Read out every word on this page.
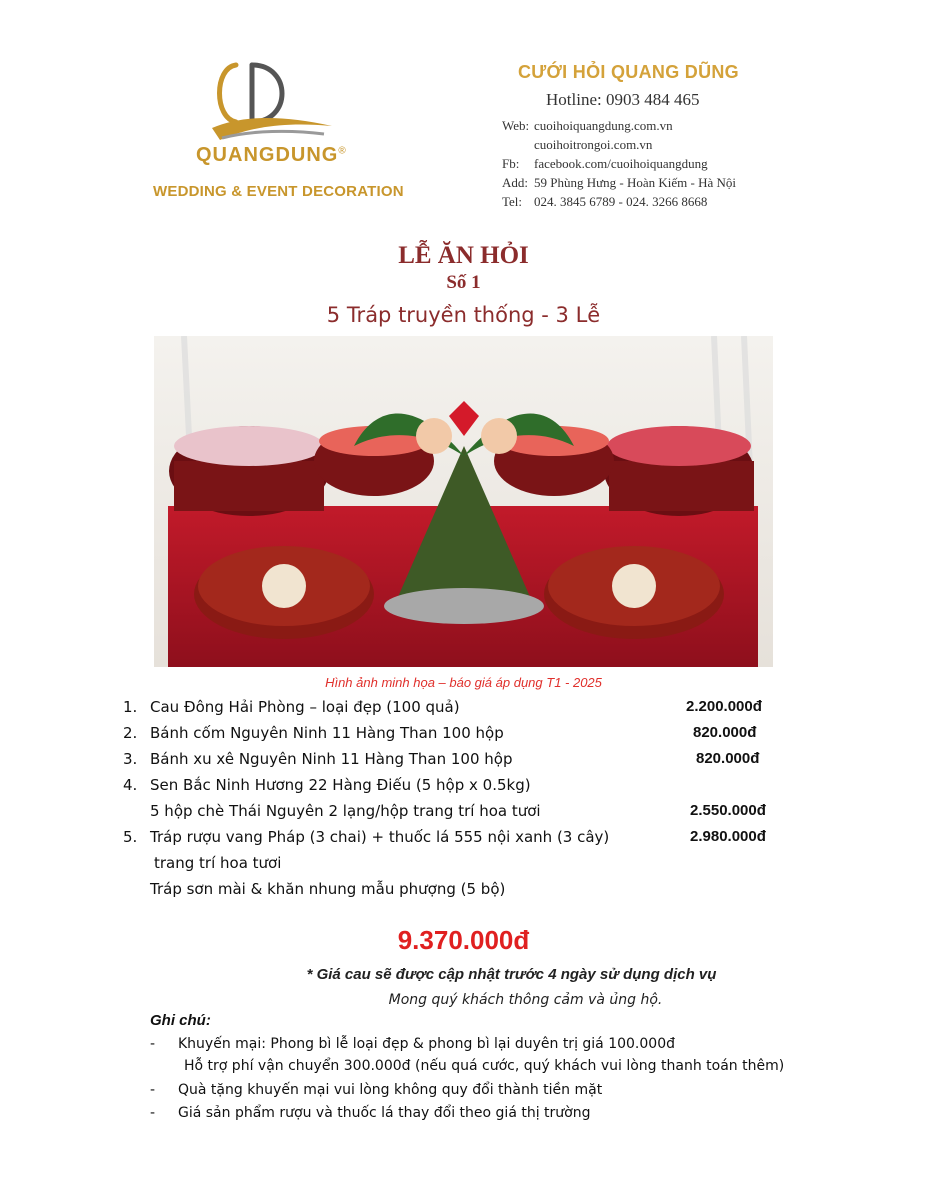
QUANGDUNG®
WEDDING & EVENT DECORATION
CƯỚI HỎI QUANG DŨNG
Hotline: 0903 484 465
Web: cuoihoiquangdung.com.vn
cuoihoitrongoi.com.vn
Fb: facebook.com/cuoihoiquangdung
Add: 59 Phùng Hưng - Hoàn Kiếm - Hà Nội
Tel: 024. 3845 6789 - 024. 3266 8668
LỄ ĂN HỎI
Số 1
5 Tráp truyền thống - 3 Lễ
Hình ảnh minh họa – báo giá áp dụng T1 - 2025
1. Cau Đông Hải Phòng – loại đẹp (100 quả)	2.200.000đ
2. Bánh cốm Nguyên Ninh 11 Hàng Than 100 hộp	820.000đ
3. Bánh xu xê Nguyên Ninh 11 Hàng Than 100 hộp	820.000đ
4. Sen Bắc Ninh Hương 22 Hàng Điếu (5 hộp x 0.5kg)
5 hộp chè Thái Nguyên 2 lạng/hộp trang trí hoa tươi	2.550.000đ
5. Tráp rượu vang Pháp (3 chai) + thuốc lá 555 nội xanh (3 cây)	2.980.000đ
trang trí hoa tươi
Tráp sơn mài & khăn nhung mẫu phượng (5 bộ)
9.370.000đ
* Giá cau sẽ được cập nhật trước 4 ngày sử dụng dịch vụ
Mong quý khách thông cảm và ủng hộ.
Ghi chú:
- Khuyến mại: Phong bì lễ loại đẹp & phong bì lại duyên trị giá 100.000đ
Hỗ trợ phí vận chuyển 300.000đ (nếu quá cước, quý khách vui lòng thanh toán thêm)
- Quà tặng khuyến mại vui lòng không quy đổi thành tiền mặt
- Giá sản phẩm rượu và thuốc lá thay đổi theo giá thị trường
